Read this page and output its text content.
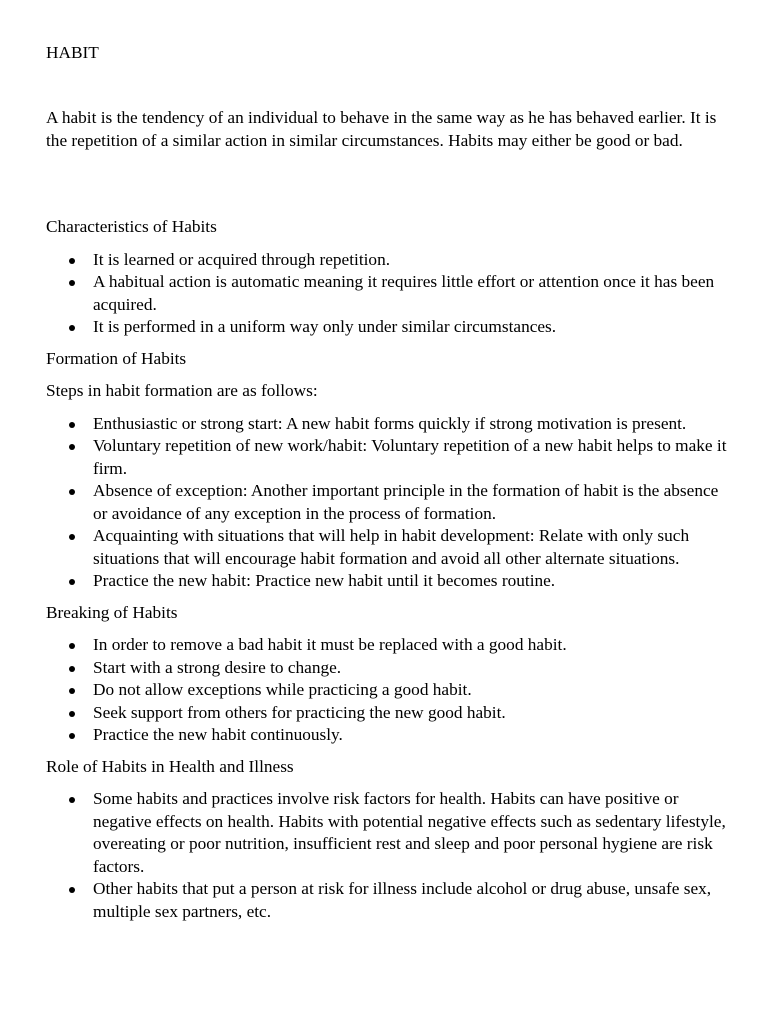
HABIT

A habit is the tendency of an individual to behave in the same way as he has behaved earlier. It is the repetition of a similar action in similar circumstances. Habits may either be good or bad.

Characteristics of Habits
It is learned or acquired through repetition.
A habitual action is automatic meaning it requires little effort or attention once it has been acquired.
It is performed in a uniform way only under similar circumstances.
Formation of Habits

Steps in habit formation are as follows:

Enthusiastic or strong start: A new habit forms quickly if strong motivation is present.
Voluntary repetition of new work/habit: Voluntary repetition of a new habit helps to make it firm.
Absence of exception: Another important principle in the formation of habit is the absence or avoidance of any exception in the process of formation.
Acquainting with situations that will help in habit development: Relate with only such situations that will encourage habit formation and avoid all other alternate situations.
Practice the new habit: Practice new habit until it becomes routine.
Breaking of Habits
In order to remove a bad habit it must be replaced with a good habit.
Start with a strong desire to change.
Do not allow exceptions while practicing a good habit.
Seek support from others for practicing the new good habit.
Practice the new habit continuously.
Role of Habits in Health and Illness
Some habits and practices involve risk factors for health. Habits can have positive or negative effects on health. Habits with potential negative effects such as sedentary lifestyle, overeating or poor nutrition, insufficient rest and sleep and poor personal hygiene are risk factors.
Other habits that put a person at risk for illness include alcohol or drug abuse, unsafe sex, multiple sex partners, etc.
